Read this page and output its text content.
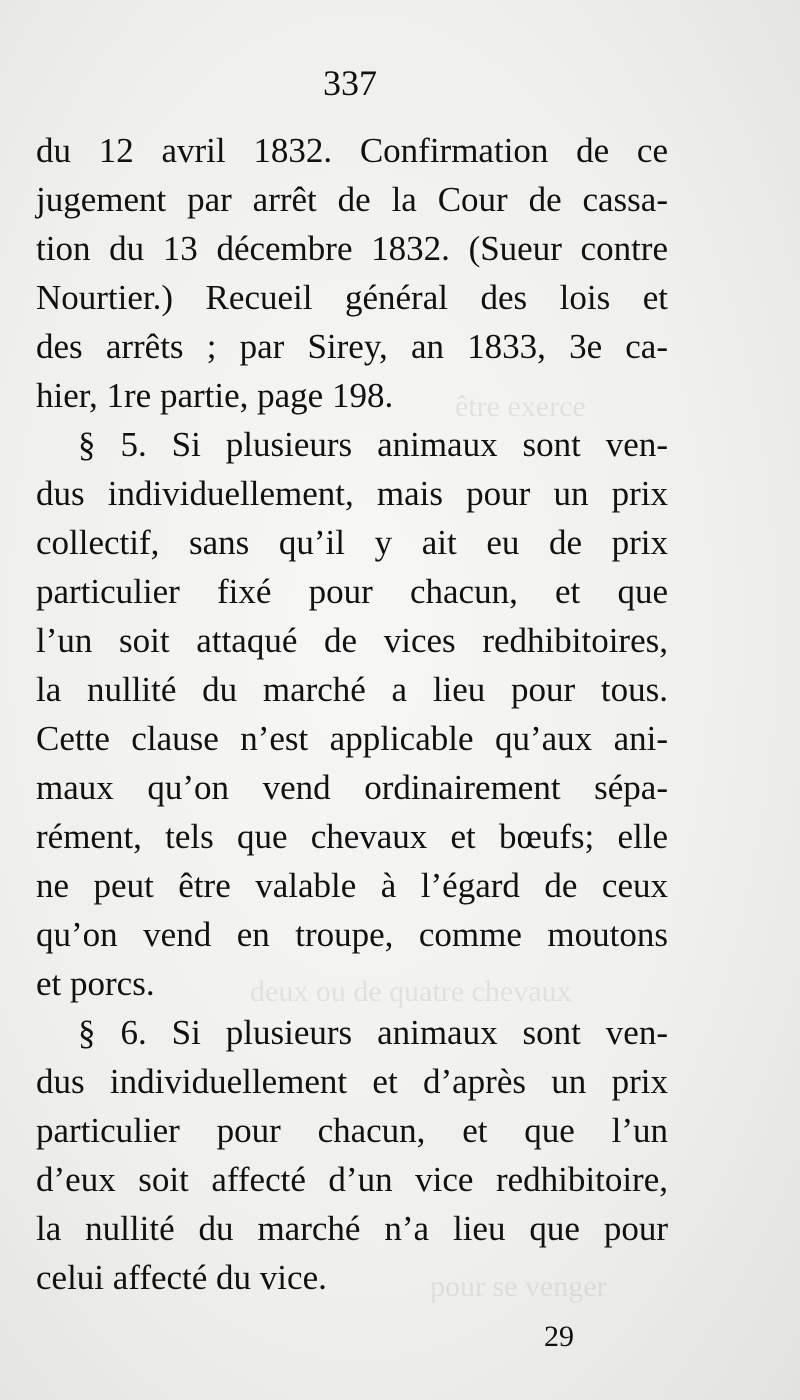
être exerce
deux ou de quatre chevaux
pour se venger
337
du 12 avril 1832. Confirmation de ce
jugement par arrêt de la Cour de cassa-
tion du 13 décembre 1832. (Sueur contre
Nourtier.) Recueil général des lois et
des arrêts ; par Sirey, an 1833, 3e ca-
hier, 1re partie, page 198.
§ 5. Si plusieurs animaux sont ven-
dus individuellement, mais pour un prix
collectif, sans qu’il y ait eu de prix
particulier fixé pour chacun, et que
l’un soit attaqué de vices redhibitoires,
la nullité du marché a lieu pour tous.
Cette clause n’est applicable qu’aux ani-
maux qu’on vend ordinairement sépa-
rément, tels que chevaux et bœufs; elle
ne peut être valable à l’égard de ceux
qu’on vend en troupe, comme moutons
et porcs.
§ 6. Si plusieurs animaux sont ven-
dus individuellement et d’après un prix
particulier pour chacun, et que l’un
d’eux soit affecté d’un vice redhibitoire,
la nullité du marché n’a lieu que pour
celui affecté du vice.
29
